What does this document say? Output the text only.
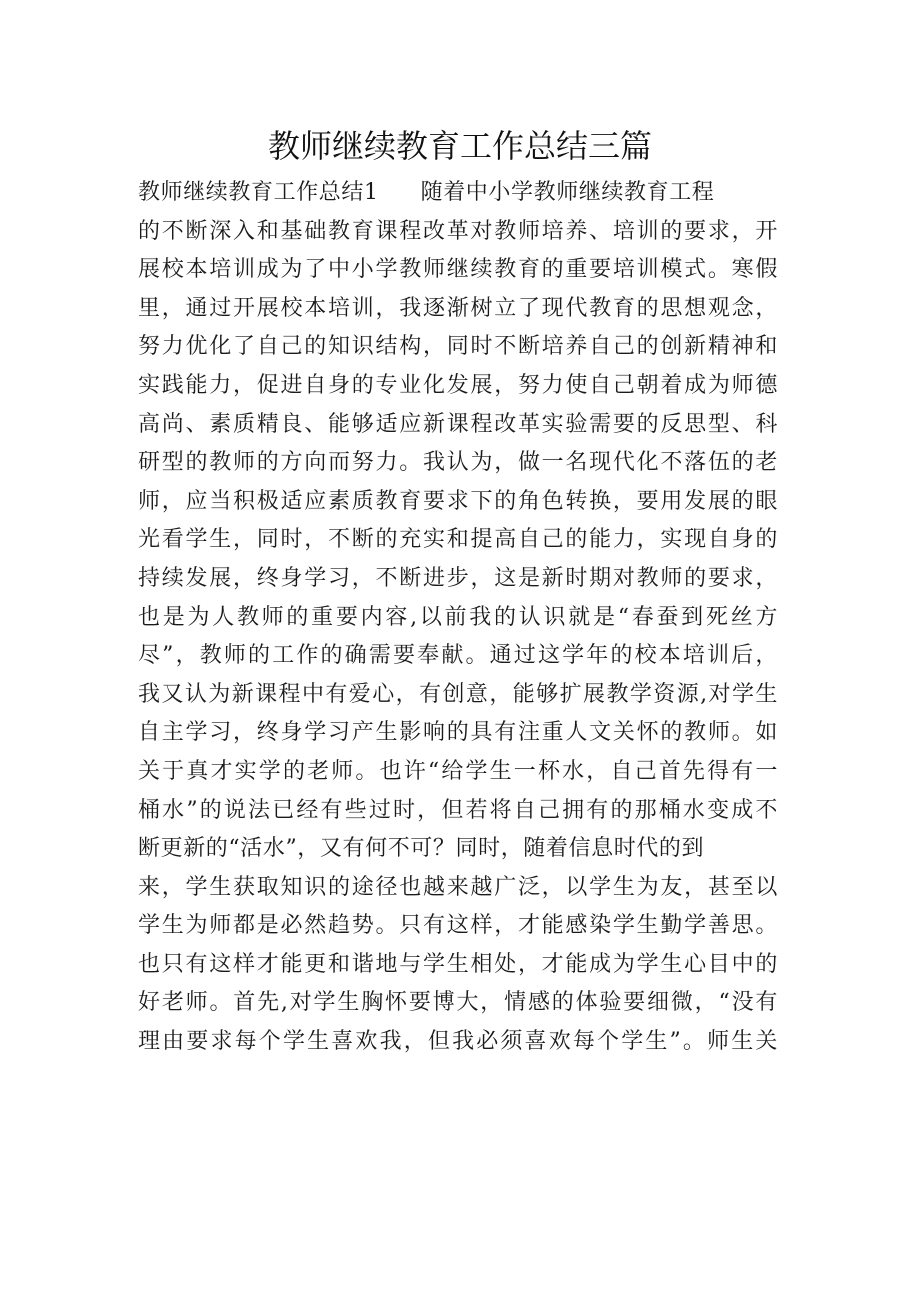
教师继续教育工作总结三篇
教师继续教育工作总结1 随着中小学教师继续教育工程
的不断深入和基础教育课程改革对教师培养、培训的要求，开
展校本培训成为了中小学教师继续教育的重要培训模式。寒假
里，通过开展校本培训，我逐渐树立了现代教育的思想观念，
努力优化了自己的知识结构，同时不断培养自己的创新精神和
实践能力，促进自身的专业化发展，努力使自己朝着成为师德
高尚、素质精良、能够适应新课程改革实验需要的反思型、科
研型的教师的方向而努力。我认为，做一名现代化不落伍的老
师，应当积极适应素质教育要求下的角色转换，要用发展的眼
光看学生，同时，不断的充实和提高自己的能力，实现自身的
持续发展，终身学习，不断进步，这是新时期对教师的要求，
也是为人教师的重要内容,以前我的认识就是“春蚕到死丝方
尽”，教师的工作的确需要奉献。通过这学年的校本培训后，
我又认为新课程中有爱心，有创意，能够扩展教学资源,对学生
自主学习，终身学习产生影响的具有注重人文关怀的教师。如
关于真才实学的老师。也许“给学生一杯水，自己首先得有一
桶水”的说法已经有些过时，但若将自己拥有的那桶水变成不
断更新的“活水”，又有何不可？同时，随着信息时代的到
来，学生获取知识的途径也越来越广泛，以学生为友，甚至以
学生为师都是必然趋势。只有这样，才能感染学生勤学善思。
也只有这样才能更和谐地与学生相处，才能成为学生心目中的
好老师。首先,对学生胸怀要博大，情感的体验要细微，“没有
理由要求每个学生喜欢我，但我必须喜欢每个学生”。师生关
